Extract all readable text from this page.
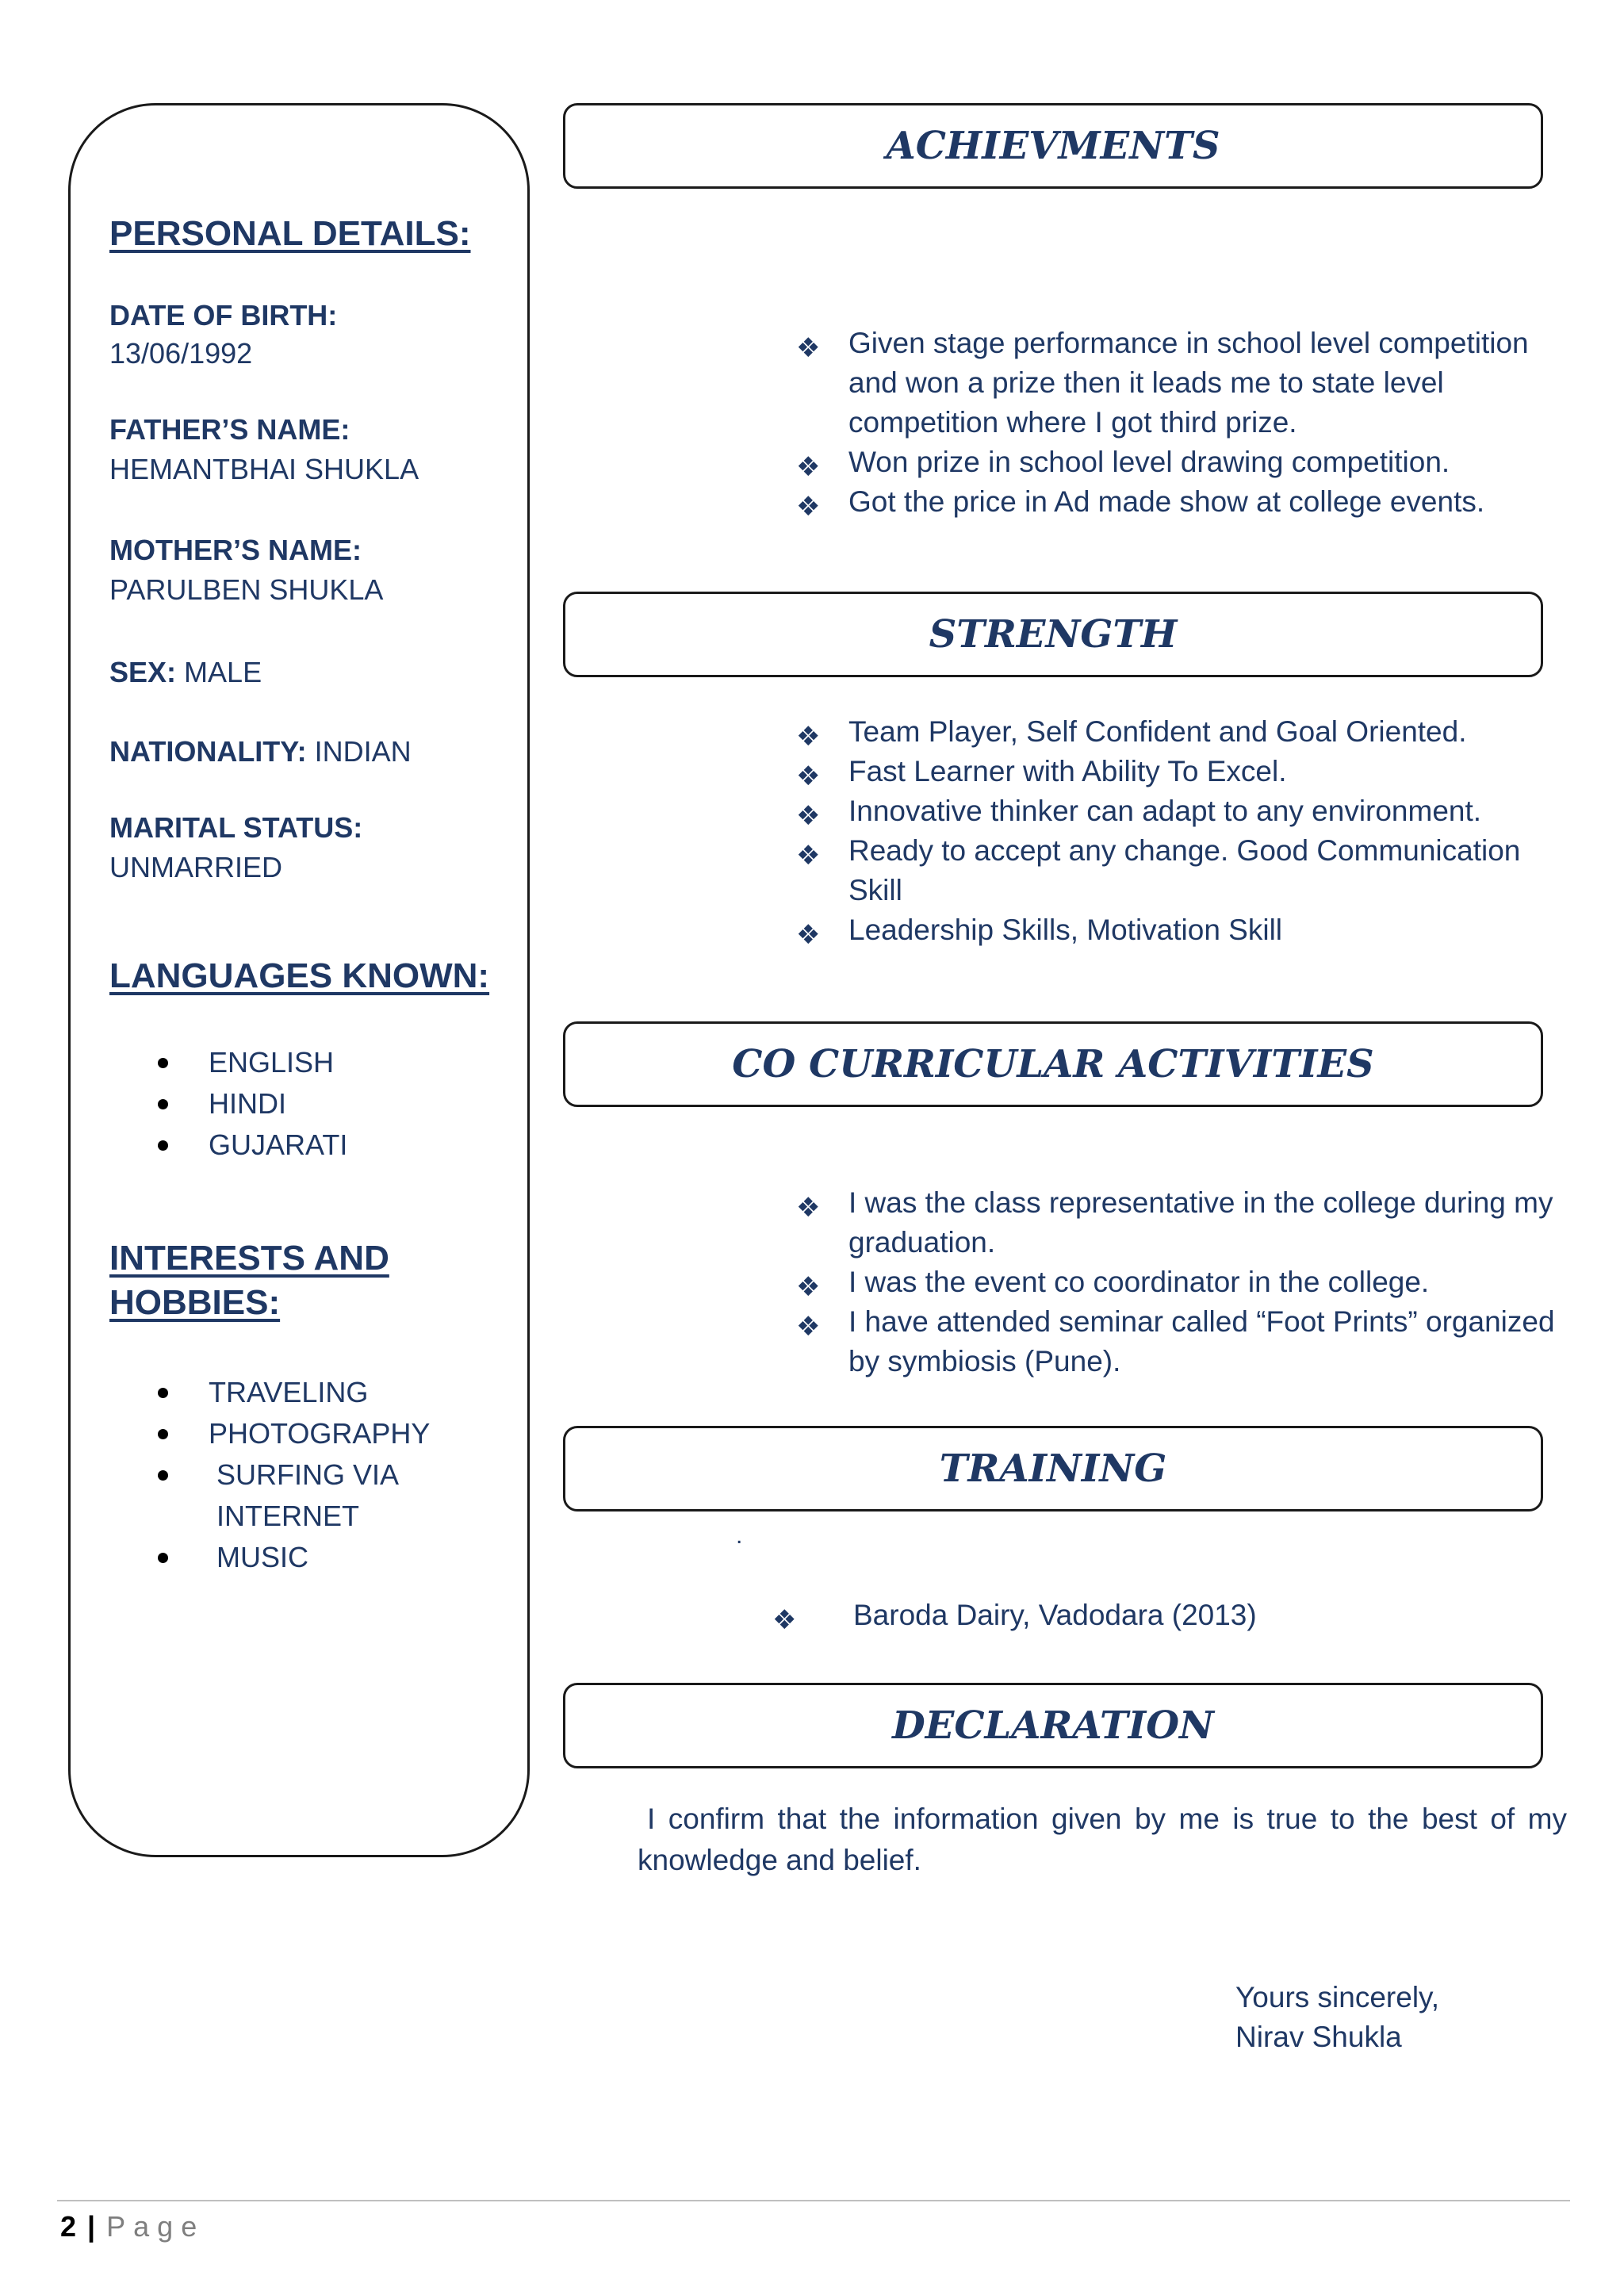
PERSONAL DETAILS:
DATE OF BIRTH:
13/06/1992
FATHER’S NAME:
HEMANTBHAI SHUKLA
MOTHER’S NAME:
PARULBEN SHUKLA
SEX: MALE
NATIONALITY: INDIAN
MARITAL STATUS:
UNMARRIED
LANGUAGES KNOWN:
ENGLISH
HINDI
GUJARATI
INTERESTS AND
HOBBIES:
TRAVELING
PHOTOGRAPHY
SURFING VIA
INTERNET
MUSIC
ACHIEVMENTS
❖ Given stage performance in school level competition and won a prize then it leads me to state level competition where I got third prize.
❖ Won prize in school level drawing competition.
❖ Got the price in Ad made show at college events.
STRENGTH
❖ Team Player, Self Confident and Goal Oriented.
❖ Fast Learner with Ability To Excel.
❖ Innovative thinker can adapt to any environment.
❖ Ready to accept any change. Good Communication Skill
❖ Leadership Skills, Motivation Skill
CO CURRICULAR ACTIVITIES
❖ I was the class representative in the college during my graduation.
❖ I was the event co coordinator in the college.
❖ I have attended seminar called “Foot Prints” organized by symbiosis (Pune).
TRAINING
.
❖ Baroda Dairy, Vadodara (2013)
DECLARATION

I confirm that the information given by me is true to the best of my knowledge and belief.

Yours sincerely,
Nirav Shukla
2 | Page
